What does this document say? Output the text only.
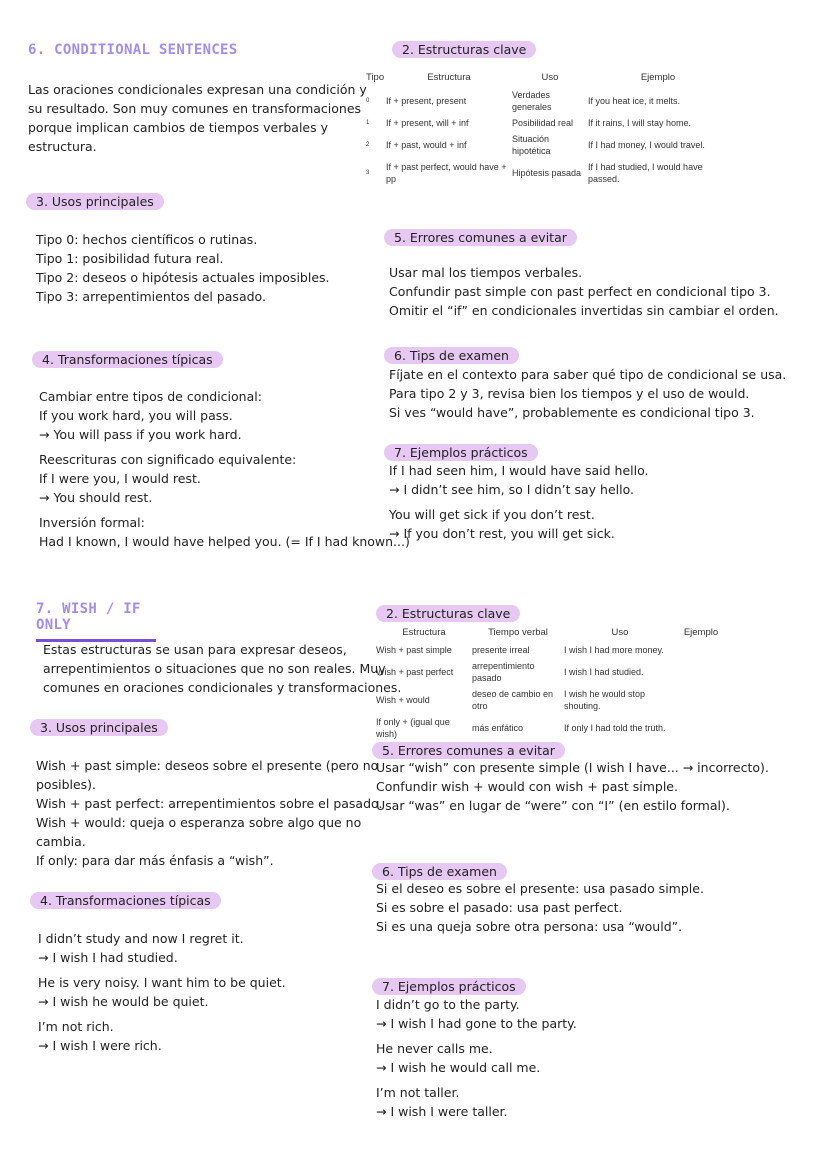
6. CONDITIONAL SENTENCES
Las oraciones condicionales expresan una condición y
su resultado. Son muy comunes en transformaciones
porque implican cambios de tiempos verbales y
estructura.
2. Estructuras clave
Tipo	Estructura	Uso	Ejemplo
0	If + present, present	Verdades generales	If you heat ice, it melts.
1	If + present, will + inf	Posibilidad real	If it rains, I will stay home.
2	If + past, would + inf	Situación hipotética	If I had money, I would travel.
3	If + past perfect, would have + pp	Hipótesis pasada	If I had studied, I would have passed.
3. Usos principales
Tipo 0: hechos científicos o rutinas.
Tipo 1: posibilidad futura real.
Tipo 2: deseos o hipótesis actuales imposibles.
Tipo 3: arrepentimientos del pasado.
5. Errores comunes a evitar
Usar mal los tiempos verbales.
Confundir past simple con past perfect en condicional tipo 3.
Omitir el “if” en condicionales invertidas sin cambiar el orden.
4. Transformaciones típicas
Cambiar entre tipos de condicional:
If you work hard, you will pass.
→ You will pass if you work hard.
Reescrituras con significado equivalente:
If I were you, I would rest.
→ You should rest.
Inversión formal:
Had I known, I would have helped you. (= If I had known...)
6. Tips de examen
Fíjate en el contexto para saber qué tipo de condicional se usa.
Para tipo 2 y 3, revisa bien los tiempos y el uso de would.
Si ves “would have”, probablemente es condicional tipo 3.
7. Ejemplos prácticos
If I had seen him, I would have said hello.
→ I didn’t see him, so I didn’t say hello.
You will get sick if you don’t rest.
→ If you don’t rest, you will get sick.
7. WISH / IF ONLY
Estas estructuras se usan para expresar deseos,
arrepentimientos o situaciones que no son reales. Muy
comunes en oraciones condicionales y transformaciones.
2. Estructuras clave
Estructura	Tiempo verbal	Uso	Ejemplo
Wish + past simple	presente irreal	I wish I had more money.	
Wish + past perfect	arrepentimiento pasado	I wish I had studied.	
Wish + would	deseo de cambio en otro	I wish he would stop shouting.	
If only + (igual que wish)	más enfático	If only I had told the truth.	
3. Usos principales
Wish + past simple: deseos sobre el presente (pero no
posibles).
Wish + past perfect: arrepentimientos sobre el pasado.
Wish + would: queja o esperanza sobre algo que no
cambia.
If only: para dar más énfasis a “wish”.
5. Errores comunes a evitar
Usar “wish” con presente simple (I wish I have... → incorrecto).
Confundir wish + would con wish + past simple.
Usar “was” en lugar de “were” con “I” (en estilo formal).
4. Transformaciones típicas
I didn’t study and now I regret it.
→ I wish I had studied.
He is very noisy. I want him to be quiet.
→ I wish he would be quiet.
I’m not rich.
→ I wish I were rich.
6. Tips de examen
Si el deseo es sobre el presente: usa pasado simple.
Si es sobre el pasado: usa past perfect.
Si es una queja sobre otra persona: usa “would”.
7. Ejemplos prácticos
I didn’t go to the party.
→ I wish I had gone to the party.
He never calls me.
→ I wish he would call me.
I’m not taller.
→ I wish I were taller.
